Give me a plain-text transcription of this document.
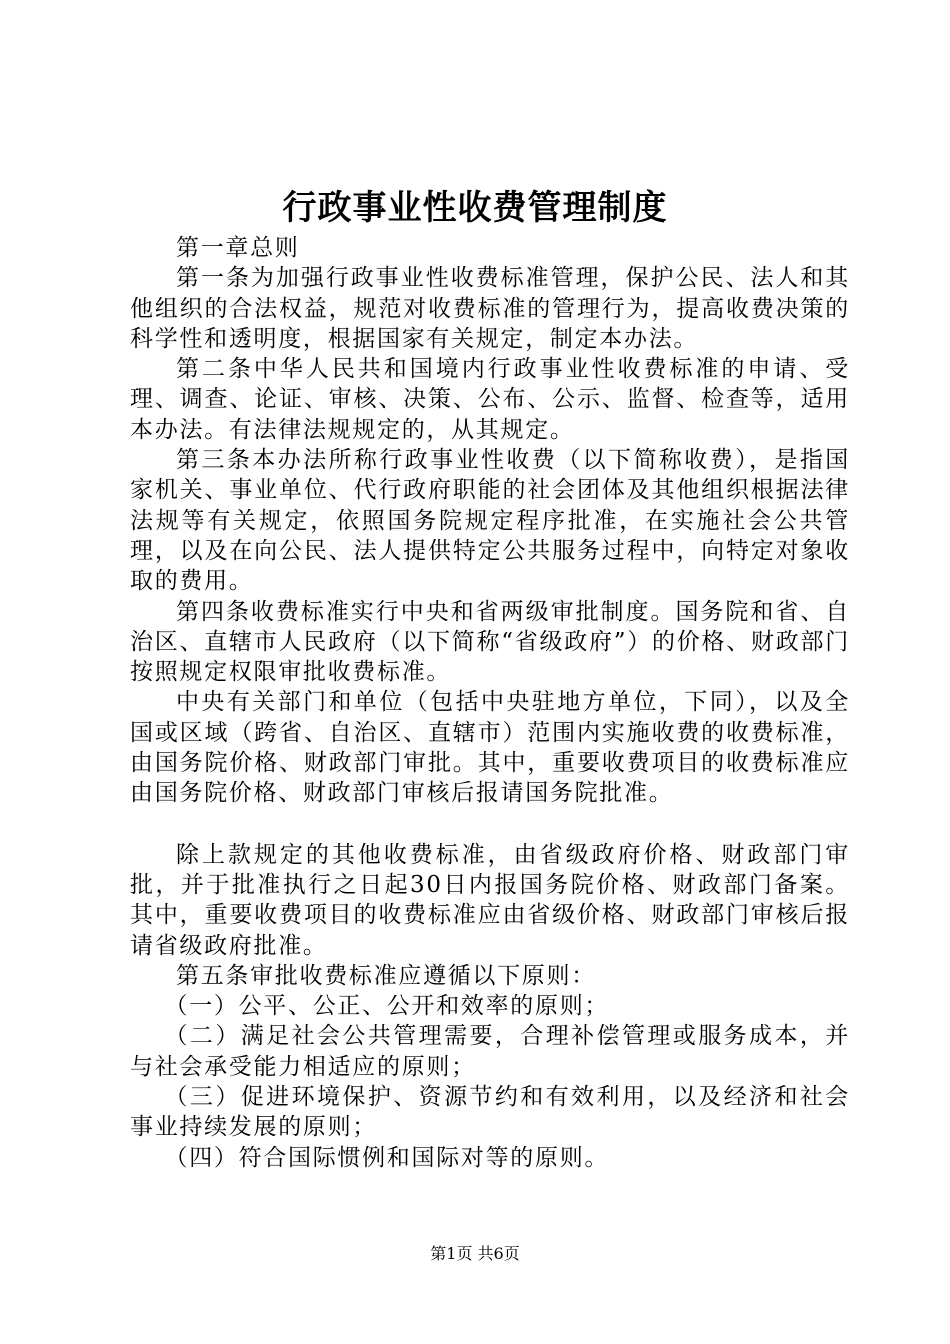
行政事业性收费管理制度

第一章总则

第一条为加强行政事业性收费标准管理，保护公民、法人和其他组织的合法权益，规范对收费标准的管理行为，提高收费决策的科学性和透明度，根据国家有关规定，制定本办法。

第二条中华人民共和国境内行政事业性收费标准的申请、受理、调查、论证、审核、决策、公布、公示、监督、检查等，适用本办法。有法律法规规定的，从其规定。

第三条本办法所称行政事业性收费（以下简称收费），是指国家机关、事业单位、代行政府职能的社会团体及其他组织根据法律法规等有关规定，依照国务院规定程序批准，在实施社会公共管理，以及在向公民、法人提供特定公共服务过程中，向特定对象收取的费用。

第四条收费标准实行中央和省两级审批制度。国务院和省、自治区、直辖市人民政府（以下简称“省级政府”）的价格、财政部门按照规定权限审批收费标准。

中央有关部门和单位（包括中央驻地方单位，下同），以及全国或区域（跨省、自治区、直辖市）范围内实施收费的收费标准，由国务院价格、财政部门审批。其中，重要收费项目的收费标准应由国务院价格、财政部门审核后报请国务院批准。

除上款规定的其他收费标准，由省级政府价格、财政部门审批，并于批准执行之日起30日内报国务院价格、财政部门备案。其中，重要收费项目的收费标准应由省级价格、财政部门审核后报请省级政府批准。

第五条审批收费标准应遵循以下原则：

（一）公平、公正、公开和效率的原则；

（二）满足社会公共管理需要，合理补偿管理或服务成本，并与社会承受能力相适应的原则；

（三）促进环境保护、资源节约和有效利用，以及经济和社会事业持续发展的原则；

（四）符合国际惯例和国际对等的原则。

第1页 共6页
